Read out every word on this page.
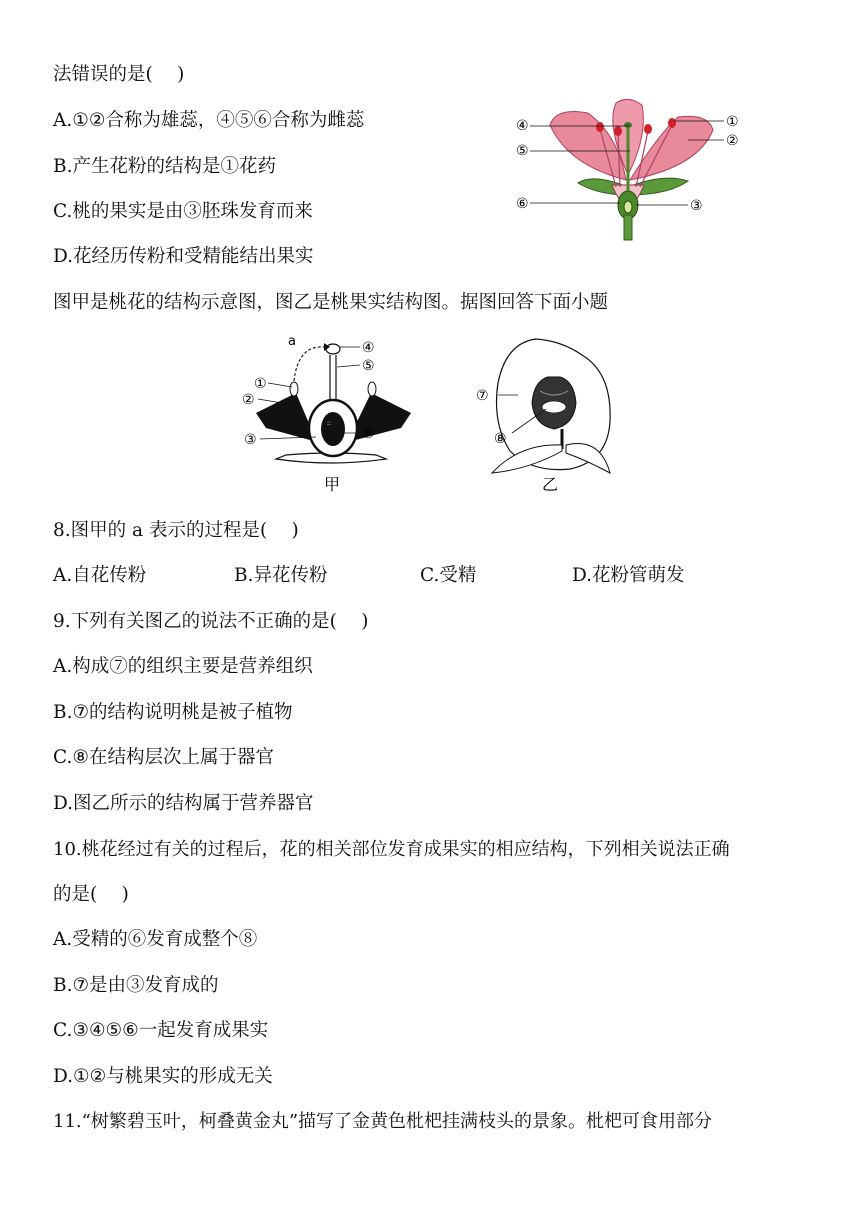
法错误的是(　 )
A.①②合称为雄蕊，④⑤⑥合称为雌蕊
B.产生花粉的结构是①花药
C.桃的果实是由③胚珠发育而来
D.花经历传粉和受精能结出果实
④
⑤
⑥
①
②
③
图甲是桃花的结构示意图，图乙是桃果实结构图。据图回答下面小题
::
a
①
②
③
④
⑤
⑥
甲
⑦
⑧
乙
8.图甲的 a 表示的过程是(　 )
A.自花传粉	B.异花传粉	C.受精	D.花粉管萌发
9.下列有关图乙的说法不正确的是(　 )
A.构成⑦的组织主要是营养组织
B.⑦的结构说明桃是被子植物
C.⑧在结构层次上属于器官
D.图乙所示的结构属于营养器官
10.桃花经过有关的过程后，花的相关部位发育成果实的相应结构，下列相关说法正确
的是(　 )
A.受精的⑥发育成整个⑧
B.⑦是由③发育成的
C.③④⑤⑥一起发育成果实
D.①②与桃果实的形成无关
11.“树繁碧玉叶，柯叠黄金丸”描写了金黄色枇杷挂满枝头的景象。枇杷可食用部分
